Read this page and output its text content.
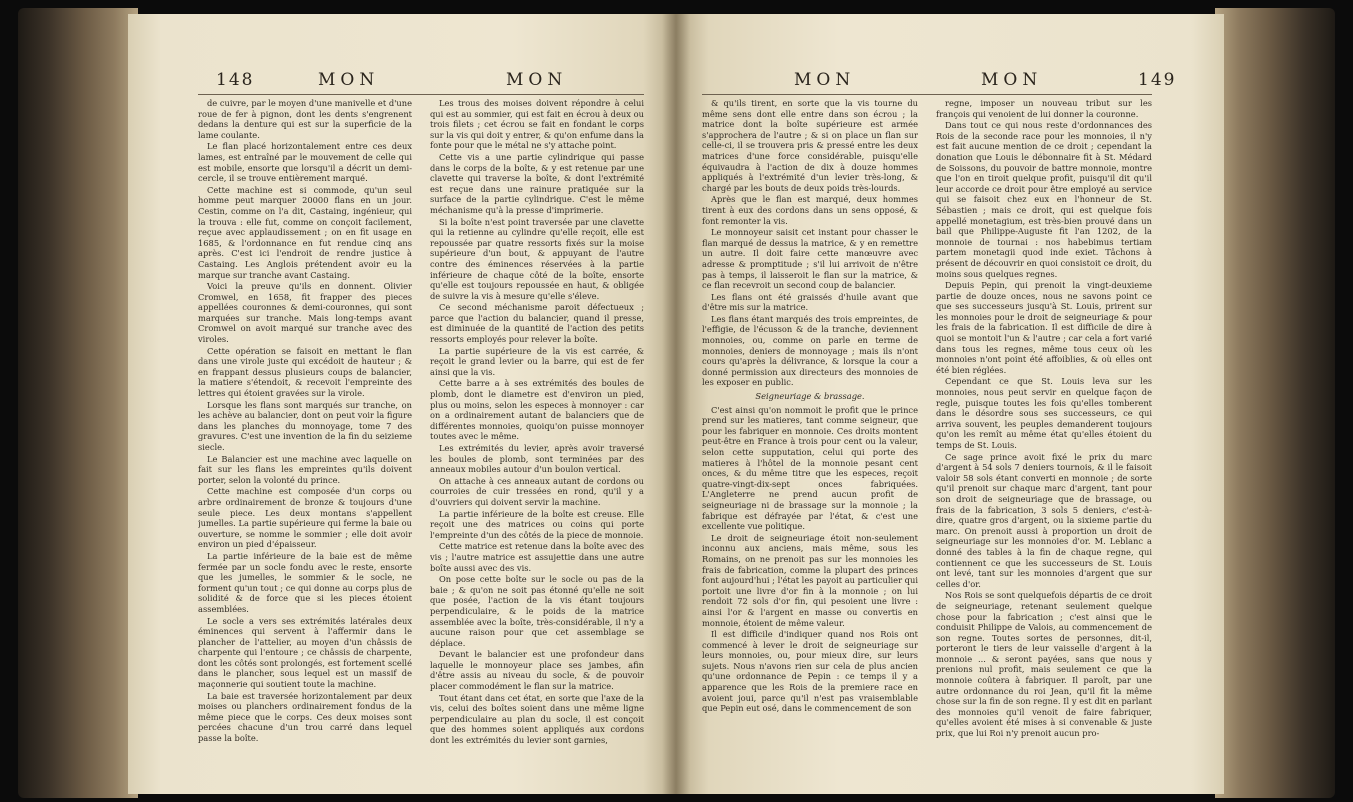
148	MON	MON

de cuivre, par le moyen d'une manivelle et d'une roue de fer à pignon, dont les dents s'engrenent dedans la denture qui est sur la superficie de la lame coulante.

Le flan placé horizontalement entre ces deux lames, est entraîné par le mouvement de celle qui est mobile, ensorte que lorsqu'il a décrit un demi-cercle, il se trouve entièrement marqué.

Cette machine est si commode, qu'un seul homme peut marquer 20000 flans en un jour. Cestin, comme on l'a dit, Castaing, ingénieur, qui la trouva : elle fut, comme on conçoit facilement, reçue avec applaudissement ; on en fit usage en 1685, & l'ordonnance en fut rendue cinq ans après. C'est ici l'endroit de rendre justice à Castaing. Les Anglois prétendent avoir eu la marque sur tranche avant Castaing.

Voici la preuve qu'ils en donnent. Olivier Cromwel, en 1658, fit frapper des pieces appellées couronnes & demi-couronnes, qui sont marquées sur tranche. Mais long-temps avant Cromwel on avoit marqué sur tranche avec des viroles.

Cette opération se faisoit en mettant le flan dans une virole juste qui excédoit de hauteur ; & en frappant dessus plusieurs coups de balancier, la matiere s'étendoit, & recevoit l'empreinte des lettres qui étoient gravées sur la virole.

Lorsque les flans sont marqués sur tranche, on les achève au balancier, dont on peut voir la figure dans les planches du monnoyage, tome 7 des gravures. C'est une invention de la fin du seizieme siecle.

Le Balancier est une machine avec laquelle on fait sur les flans les empreintes qu'ils doivent porter, selon la volonté du prince.

Cette machine est composée d'un corps ou arbre ordinairement de bronze & toujours d'une seule piece. Les deux montans s'appellent jumelles. La partie supérieure qui ferme la baie ou ouverture, se nomme le sommier ; elle doit avoir environ un pied d'épaisseur.

La partie inférieure de la baie est de même fermée par un socle fondu avec le reste, ensorte que les jumelles, le sommier & le socle, ne forment qu'un tout ; ce qui donne au corps plus de solidité & de force que si les pieces étoient assemblées.

Le socle a vers ses extrémités latérales deux éminences qui servent à l'affermir dans le plancher de l'attelier, au moyen d'un châssis de charpente qui l'entoure ; ce châssis de charpente, dont les côtés sont prolongés, est fortement scellé dans le plancher, sous lequel est un massif de maçonnerie qui soutient toute la machine.

La baie est traversée horizontalement par deux moises ou planchers ordinairement fondus de la même piece que le corps. Ces deux moises sont percées chacune d'un trou carré dans lequel passe la boîte.

Les trous des moises doivent répondre à celui qui est au sommier, qui est fait en écrou à deux ou trois filets ; cet écrou se fait en fondant le corps sur la vis qui doit y entrer, & qu'on enfume dans la fonte pour que le métal ne s'y attache point.

Cette vis a une partie cylindrique qui passe dans le corps de la boîte, & y est retenue par une clavette qui traverse la boîte, & dont l'extrémité est reçue dans une rainure pratiquée sur la surface de la partie cylindrique. C'est le même méchanisme qu'à la presse d'imprimerie.

Si la boîte n'est point traversée par une clavette qui la retienne au cylindre qu'elle reçoit, elle est repoussée par quatre ressorts fixés sur la moise supérieure d'un bout, & appuyant de l'autre contre des éminences réservées à la partie inférieure de chaque côté de la boîte, ensorte qu'elle est toujours repoussée en haut, & obligée de suivre la vis à mesure qu'elle s'éleve.

Ce second méchanisme paroit défectueux ; parce que l'action du balancier, quand il presse, est diminuée de la quantité de l'action des petits ressorts employés pour relever la boîte.

La partie supérieure de la vis est carrée, & reçoit le grand levier ou la barre, qui est de fer ainsi que la vis.

Cette barre a à ses extrémités des boules de plomb, dont le diametre est d'environ un pied, plus ou moins, selon les especes à monnoyer : car on a ordinairement autant de balanciers que de différentes monnoies, quoiqu'on puisse monnoyer toutes avec le même.

Les extrémités du levier, après avoir traversé les boules de plomb, sont terminées par des anneaux mobiles autour d'un boulon vertical.

On attache à ces anneaux autant de cordons ou courroies de cuir tressées en rond, qu'il y a d'ouvriers qui doivent servir la machine.

La partie inférieure de la boîte est creuse. Elle reçoit une des matrices ou coins qui porte l'empreinte d'un des côtés de la piece de monnoie.

Cette matrice est retenue dans la boîte avec des vis ; l'autre matrice est assujettie dans une autre boîte aussi avec des vis.

On pose cette boîte sur le socle ou pas de la baie ; & qu'on ne soit pas étonné qu'elle ne soit que posée, l'action de la vis étant toujours perpendiculaire, & le poids de la matrice assemblée avec la boîte, très-considérable, il n'y a aucune raison pour que cet assemblage se déplace.

Devant le balancier est une profondeur dans laquelle le monnoyeur place ses jambes, afin d'être assis au niveau du socle, & de pouvoir placer commodément le flan sur la matrice.

Tout étant dans cet état, en sorte que l'axe de la vis, celui des boîtes soient dans une même ligne perpendiculaire au plan du socle, il est conçoit que des hommes soient appliqués aux cordons dont les extrémités du levier sont garnies,

MON	MON	149

& qu'ils tirent, en sorte que la vis tourne du même sens dont elle entre dans son écrou ; la matrice dont la boîte supérieure est armée s'approchera de l'autre ; & si on place un flan sur celle-ci, il se trouvera pris & pressé entre les deux matrices d'une force considérable, puisqu'elle équivaudra à l'action de dix à douze hommes appliqués à l'extrémité d'un levier très-long, & chargé par les bouts de deux poids très-lourds.

Après que le flan est marqué, deux hommes tirent à eux des cordons dans un sens opposé, & font remonter la vis.

Le monnoyeur saisit cet instant pour chasser le flan marqué de dessus la matrice, & y en remettre un autre. Il doit faire cette manœuvre avec adresse & promptitude ; s'il lui arrivoit de n'être pas à temps, il laisseroit le flan sur la matrice, & ce flan recevroit un second coup de balancier.

Les flans ont été graissés d'huile avant que d'être mis sur la matrice.

Les flans étant marqués des trois empreintes, de l'effigie, de l'écusson & de la tranche, deviennent monnoies, ou, comme on parle en terme de monnoies, deniers de monnoyage ; mais ils n'ont cours qu'après la délivrance, & lorsque la cour a donné permission aux directeurs des monnoies de les exposer en public.

Seigneuriage & brassage.

C'est ainsi qu'on nommoit le profit que le prince prend sur les matieres, tant comme seigneur, que pour les fabriquer en monnoie. Ces droits montent peut-être en France à trois pour cent ou la valeur, selon cette supputation, celui qui porte des matieres à l'hôtel de la monnoie pesant cent onces, & du même titre que les especes, reçoit quatre-vingt-dix-sept onces fabriquées. L'Angleterre ne prend aucun profit de seigneuriage ni de brassage sur la monnoie ; la fabrique est défrayée par l'état, & c'est une excellente vue politique.

Le droit de seigneuriage étoit non-seulement inconnu aux anciens, mais même, sous les Romains, on ne prenoit pas sur les monnoies les frais de fabrication, comme la plupart des princes font aujourd'hui ; l'état les payoit au particulier qui portoit une livre d'or fin à la monnoie ; on lui rendoit 72 sols d'or fin, qui pesoient une livre : ainsi l'or & l'argent en masse ou convertis en monnoie, étoient de même valeur.

Il est difficile d'indiquer quand nos Rois ont commencé à lever le droit de seigneuriage sur leurs monnoies, ou, pour mieux dire, sur leurs sujets. Nous n'avons rien sur cela de plus ancien qu'une ordonnance de Pepin : ce temps il y a apparence que les Rois de la premiere race en avoient joui, parce qu'il n'est pas vraisemblable que Pepin eut osé, dans le commencement de son

regne, imposer un nouveau tribut sur les françois qui venoient de lui donner la couronne.

Dans tout ce qui nous reste d'ordonnances des Rois de la seconde race pour les monnoies, il n'y est fait aucune mention de ce droit ; cependant la donation que Louis le débonnaire fit à St. Médard de Soissons, du pouvoir de battre monnoie, montre que l'on en tiroit quelque profit, puisqu'il dit qu'il leur accorde ce droit pour être employé au service qui se faisoit chez eux en l'honneur de St. Sébastien ; mais ce droit, qui est quelque fois appellé monetagium, est très-bien prouvé dans un bail que Philippe-Auguste fit l'an 1202, de la monnoie de tournai : nos habebimus tertiam partem monetagii quod inde exiet. Tâchons à présent de découvrir en quoi consistoit ce droit, du moins sous quelques regnes.

Depuis Pepin, qui prenoit la vingt-deuxieme partie de douze onces, nous ne savons point ce que ses successeurs jusqu'à St. Louis, prirent sur les monnoies pour le droit de seigneuriage & pour les frais de la fabrication. Il est difficile de dire à quoi se montoit l'un & l'autre ; car cela a fort varié dans tous les regnes, même tous ceux où les monnoies n'ont point été affoiblies, & où elles ont été bien réglées.

Cependant ce que St. Louis leva sur les monnoies, nous peut servir en quelque façon de regle, puisque toutes les fois qu'elles tomberent dans le désordre sous ses successeurs, ce qui arriva souvent, les peuples demanderent toujours qu'on les remît au même état qu'elles étoient du temps de St. Louis.

Ce sage prince avoit fixé le prix du marc d'argent à 54 sols 7 deniers tournois, & il le faisoit valoir 58 sols étant converti en monnoie ; de sorte qu'il prenoit sur chaque marc d'argent, tant pour son droit de seigneuriage que de brassage, ou frais de la fabrication, 3 sols 5 deniers, c'est-à-dire, quatre gros d'argent, ou la sixieme partie du marc. On prenoit aussi à proportion un droit de seigneuriage sur les monnoies d'or. M. Leblanc a donné des tables à la fin de chaque regne, qui contiennent ce que les successeurs de St. Louis ont levé, tant sur les monnoies d'argent que sur celles d'or.

Nos Rois se sont quelquefois départis de ce droit de seigneuriage, retenant seulement quelque chose pour la fabrication ; c'est ainsi que le conduisit Philippe de Valois, au commencement de son regne. Toutes sortes de personnes, dit-il, porteront le tiers de leur vaisselle d'argent à la monnoie ... & seront payées, sans que nous y prenions nul profit, mais seulement ce que la monnoie coûtera à fabriquer. Il paroît, par une autre ordonnance du roi Jean, qu'il fit la même chose sur la fin de son regne. Il y est dit en parlant des monnoies qu'il venoit de faire fabriquer, qu'elles avoient été mises à si convenable & juste prix, que lui Roi n'y prenoit aucun pro-
